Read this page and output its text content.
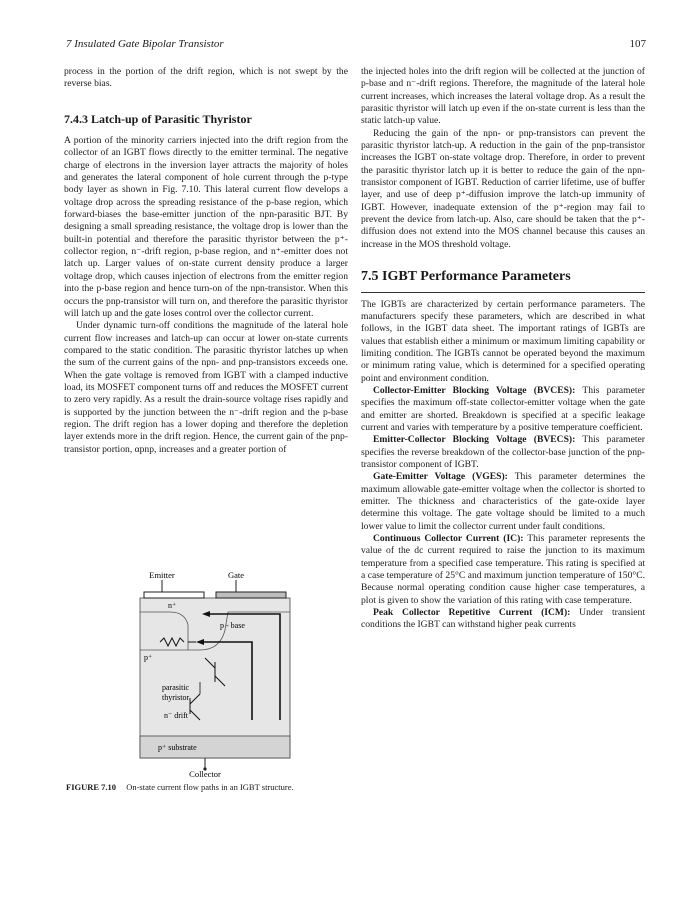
7 Insulated Gate Bipolar Transistor	107

process in the portion of the drift region, which is not swept by the reverse bias.

7.4.3 Latch-up of Parasitic Thyristor

A portion of the minority carriers injected into the drift region from the collector of an IGBT flows directly to the emitter terminal. The negative charge of electrons in the inversion layer attracts the majority of holes and generates the lateral component of hole current through the p-type body layer as shown in Fig. 7.10. This lateral current flow develops a voltage drop across the spreading resistance of the p-base region, which forward-biases the base-emitter junction of the npn-parasitic BJT. By designing a small spreading resistance, the voltage drop is lower than the built-in potential and therefore the parasitic thyristor between the p⁺-collector region, n⁻-drift region, p-base region, and n⁺-emitter does not latch up. Larger values of on-state current density produce a larger voltage drop, which causes injection of electrons from the emitter region into the p-base region and hence turn-on of the npn-transistor. When this occurs the pnp-transistor will turn on, and therefore the parasitic thyristor will latch up and the gate loses control over the collector current.

Under dynamic turn-off conditions the magnitude of the lateral hole current flow increases and latch-up can occur at lower on-state currents compared to the static condition. The parasitic thyristor latches up when the sum of the current gains of the npn- and pnp-transistors exceeds one. When the gate voltage is removed from IGBT with a clamped inductive load, its MOSFET component turns off and reduces the MOSFET current to zero very rapidly. As a result the drain-source voltage rises rapidly and is supported by the junction between the n⁻-drift region and the p-base region. The drift region has a lower doping and therefore the depletion layer extends more in the drift region. Hence, the current gain of the pnp-transistor portion, αpnp, increases and a greater portion of

Emitter	Gate
n⁺
p - base
p⁺
parasitic
thyristor
n⁻ drift
p⁺ substrate
Collector
FIGURE 7.10 On-state current flow paths in an IGBT structure.

the injected holes into the drift region will be collected at the junction of p-base and n⁻-drift regions. Therefore, the magnitude of the lateral hole current increases, which increases the lateral voltage drop. As a result the parasitic thyristor will latch up even if the on-state current is less than the static latch-up value.

Reducing the gain of the npn- or pnp-transistors can prevent the parasitic thyristor latch-up. A reduction in the gain of the pnp-transistor increases the IGBT on-state voltage drop. Therefore, in order to prevent the parasitic thyristor latch up it is better to reduce the gain of the npn-transistor component of IGBT. Reduction of carrier lifetime, use of buffer layer, and use of deep p⁺-diffusion improve the latch-up immunity of IGBT. However, inadequate extension of the p⁺-region may fail to prevent the device from latch-up. Also, care should be taken that the p⁺-diffusion does not extend into the MOS channel because this causes an increase in the MOS threshold voltage.

7.5 IGBT Performance Parameters

The IGBTs are characterized by certain performance parameters. The manufacturers specify these parameters, which are described in what follows, in the IGBT data sheet. The important ratings of IGBTs are values that establish either a minimum or maximum limiting capability or limiting condition. The IGBTs cannot be operated beyond the maximum or minimum rating value, which is determined for a specified operating point and environment condition.

Collector-Emitter Blocking Voltage (BVCES): This parameter specifies the maximum off-state collector-emitter voltage when the gate and emitter are shorted. Breakdown is specified at a specific leakage current and varies with temperature by a positive temperature coefficient.

Emitter-Collector Blocking Voltage (BVECS): This parameter specifies the reverse breakdown of the collector-base junction of the pnp-transistor component of IGBT.

Gate-Emitter Voltage (VGES): This parameter determines the maximum allowable gate-emitter voltage when the collector is shorted to emitter. The thickness and characteristics of the gate-oxide layer determine this voltage. The gate voltage should be limited to a much lower value to limit the collector current under fault conditions.

Continuous Collector Current (IC): This parameter represents the value of the dc current required to raise the junction to its maximum temperature from a specified case temperature. This rating is specified at a case temperature of 25°C and maximum junction temperature of 150°C. Because normal operating condition cause higher case temperatures, a plot is given to show the variation of this rating with case temperature.

Peak Collector Repetitive Current (ICM): Under transient conditions the IGBT can withstand higher peak currents
